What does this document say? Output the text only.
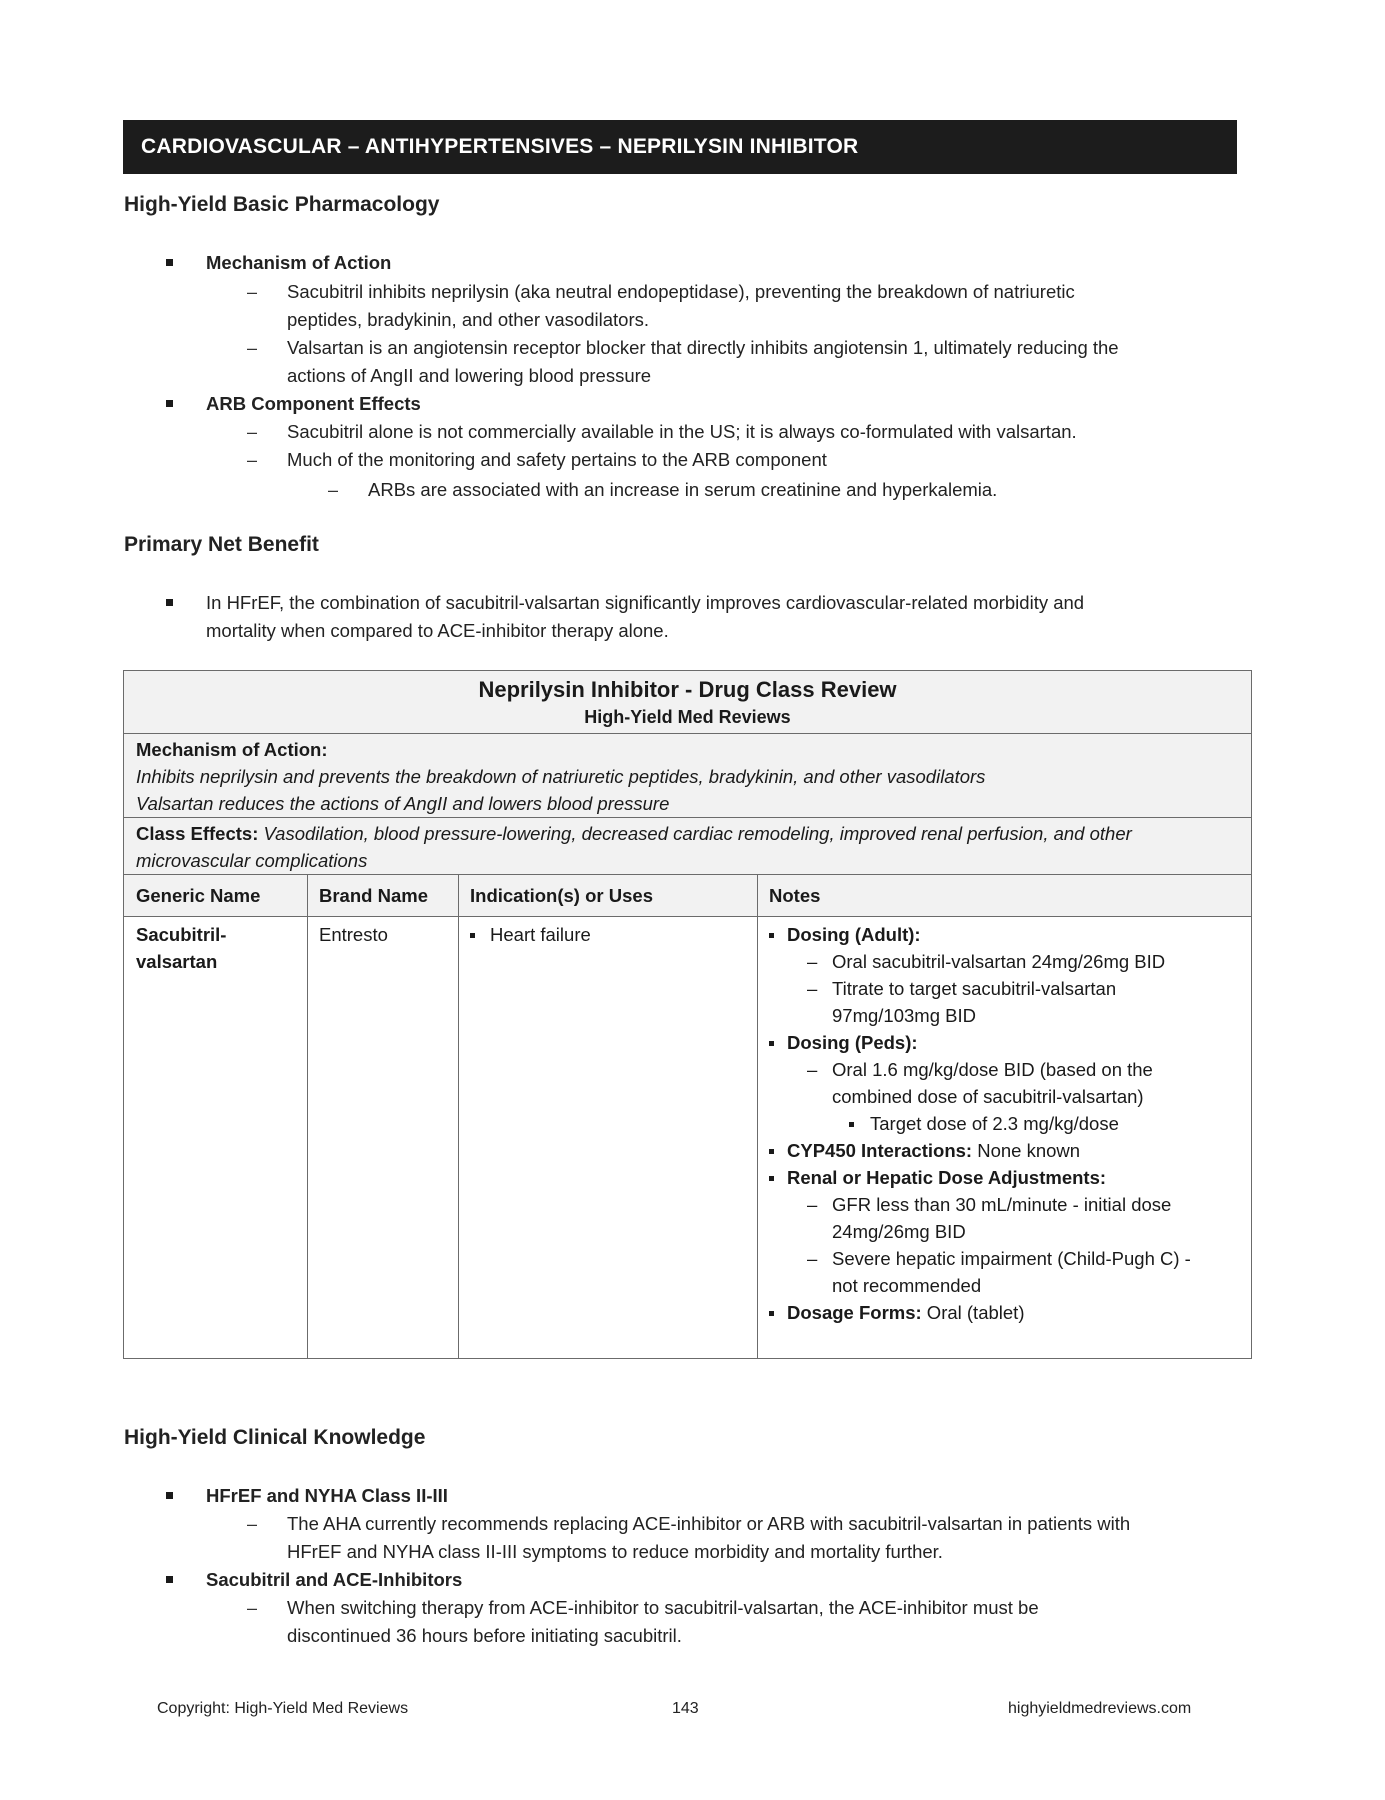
CARDIOVASCULAR – ANTIHYPERTENSIVES – NEPRILYSIN INHIBITOR
High-Yield Basic Pharmacology
Mechanism of Action
– Sacubitril inhibits neprilysin (aka neutral endopeptidase), preventing the breakdown of natriuretic
peptides, bradykinin, and other vasodilators.
– Valsartan is an angiotensin receptor blocker that directly inhibits angiotensin 1, ultimately reducing the
actions of AngII and lowering blood pressure
ARB Component Effects
– Sacubitril alone is not commercially available in the US; it is always co-formulated with valsartan.
– Much of the monitoring and safety pertains to the ARB component
– ARBs are associated with an increase in serum creatinine and hyperkalemia.
Primary Net Benefit
In HFrEF, the combination of sacubitril-valsartan significantly improves cardiovascular-related morbidity and
mortality when compared to ACE-inhibitor therapy alone.
Neprilysin Inhibitor - Drug Class Review
High-Yield Med Reviews
Mechanism of Action:
Inhibits neprilysin and prevents the breakdown of natriuretic peptides, bradykinin, and other vasodilators
Valsartan reduces the actions of AngII and lowers blood pressure
Class Effects: Vasodilation, blood pressure-lowering, decreased cardiac remodeling, improved renal perfusion, and other
microvascular complications
Generic Name	Brand Name	Indication(s) or Uses	Notes
Sacubitril-
valsartan
Entresto	Heart failure	Dosing (Adult):
– Oral sacubitril-valsartan 24mg/26mg BID
– Titrate to target sacubitril-valsartan
97mg/103mg BID
Dosing (Peds):
– Oral 1.6 mg/kg/dose BID (based on the
combined dose of sacubitril-valsartan)
Target dose of 2.3 mg/kg/dose
CYP450 Interactions: None known
Renal or Hepatic Dose Adjustments:
– GFR less than 30 mL/minute - initial dose
24mg/26mg BID
– Severe hepatic impairment (Child-Pugh C) -
not recommended
Dosage Forms: Oral (tablet)
High-Yield Clinical Knowledge
HFrEF and NYHA Class II-III
– The AHA currently recommends replacing ACE-inhibitor or ARB with sacubitril-valsartan in patients with
HFrEF and NYHA class II-III symptoms to reduce morbidity and mortality further.
Sacubitril and ACE-Inhibitors
– When switching therapy from ACE-inhibitor to sacubitril-valsartan, the ACE-inhibitor must be
discontinued 36 hours before initiating sacubitril.
Copyright: High-Yield Med Reviews	143	highyieldmedreviews.com
